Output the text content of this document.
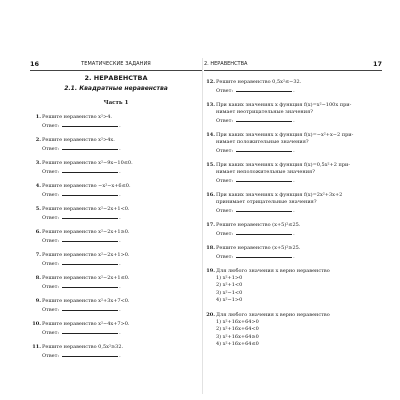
16	ТЕМАТИЧЕСКИЕ ЗАДАНИЯ
2. НЕРАВЕНСТВА
2.1. Квадратные неравенства
Часть 1
1. Решите неравенство x²>4.
Ответ:	.
2. Решите неравенство x²>4x.
Ответ:	.
3. Решите неравенство x²−9x−10≤0.
Ответ:	.
4. Решите неравенство −x²−x+6≤0.
Ответ:	.
5. Решите неравенство x²−2x+1<0.
Ответ:	.
6. Решите неравенство x²−2x+1≥0.
Ответ:	.
7. Решите неравенство x²−2x+1>0.
Ответ:	.
8. Решите неравенство x²−2x+1≤0.
Ответ:	.
9. Решите неравенство x²+3x+7<0.
Ответ:	.
10. Решите неравенство x²−4x+7>0.
Ответ:	.
11. Решите неравенство 0,5x²≥32.
Ответ:	.
2. НЕРАВЕНСТВА	17
12. Решите неравенство 0,5x²≤−32.
Ответ:	.
13. При каких значениях x функция f(x)=x²−100x при-
нимает неотрицательные значения?
Ответ:	.
14. При каких значениях x функция f(x)=−x²+x−2 при-
нимает положительные значения?
Ответ:	.
15. При каких значениях x функция f(x)=0,5x²+2 при-
нимает неположительные значения?
Ответ:	.
16. При каких значениях x функция f(x)=2x²+3x+2
принимает отрицательные значения?
Ответ:	.
17. Решите неравенство (x+5)²≤25.
Ответ:	.
18. Решите неравенство (x+5)²≥25.
Ответ:	.
19. Для любого значения x верно неравенство
1) x²+1>0
2) x²+1<0
3) x²−1<0
4) x²−1>0
20. Для любого значения x верно неравенство
1) x²+16x+64>0
2) x²+16x+64<0
3) x²+16x+64≥0
4) x²+16x+64≤0
